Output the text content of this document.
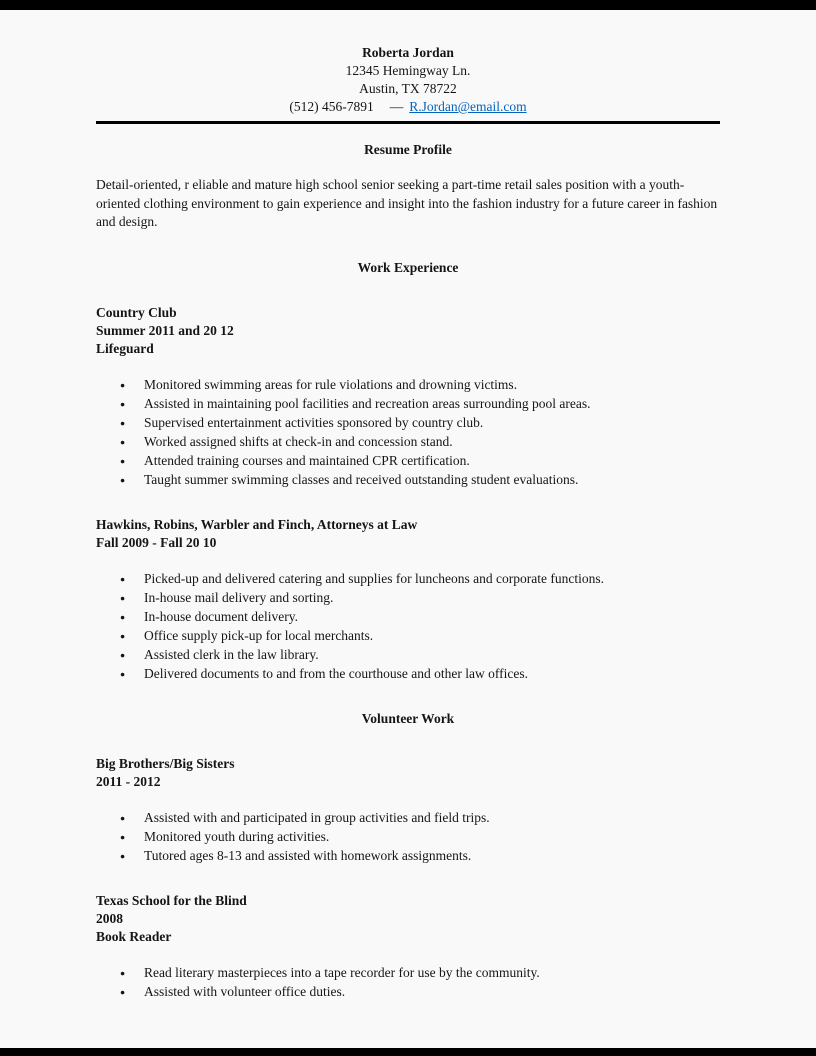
Roberta Jordan
12345 Hemingway Ln.
Austin, TX 78722
(512) 456-7891 — R.Jordan@email.com
Resume Profile
Detail-oriented, r eliable and mature high school senior seeking a part-time retail sales position with a youth-oriented clothing environment to gain experience and insight into the fashion industry for a future career in fashion and design.
Work Experience
Country Club
Summer 2011 and 20 12
Lifeguard
● Monitored swimming areas for rule violations and drowning victims.
● Assisted in maintaining pool facilities and recreation areas surrounding pool areas.
● Supervised entertainment activities sponsored by country club.
● Worked assigned shifts at check-in and concession stand.
● Attended training courses and maintained CPR certification.
● Taught summer swimming classes and received outstanding student evaluations.
Hawkins, Robins, Warbler and Finch, Attorneys at Law
Fall 2009 - Fall 20 10
● Picked-up and delivered catering and supplies for luncheons and corporate functions.
● In-house mail delivery and sorting.
● In-house document delivery.
● Office supply pick-up for local merchants.
● Assisted clerk in the law library.
● Delivered documents to and from the courthouse and other law offices.
Volunteer Work
Big Brothers/Big Sisters
2011 - 2012
● Assisted with and participated in group activities and field trips.
● Monitored youth during activities.
● Tutored ages 8-13 and assisted with homework assignments.
Texas School for the Blind
2008
Book Reader
● Read literary masterpieces into a tape recorder for use by the community.
● Assisted with volunteer office duties.
